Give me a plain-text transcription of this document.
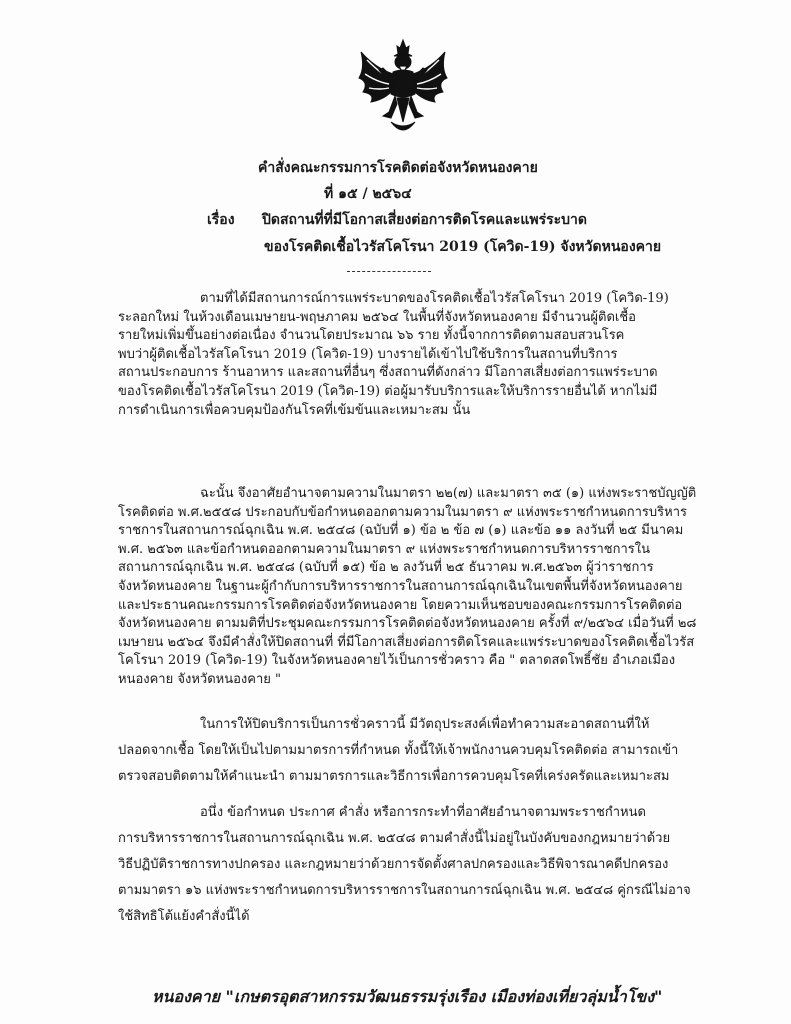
คำสั่งคณะกรรมการโรคติดต่อจังหวัดหนองคาย
ที่ ๑๕ / ๒๕๖๔
เรื่อง ปิดสถานที่ที่มีโอกาสเสี่ยงต่อการติดโรคและแพร่ระบาด
ของโรคติดเชื้อไวรัสโคโรนา 2019 (โควิด-19) จังหวัดหนองคาย
ตามที่ได้มีสถานการณ์การแพร่ระบาดของโรคติดเชื้อไวรัสโคโรนา 2019 (โควิด-19)
ระลอกใหม่ ในห้วงเดือนเมษายน-พฤษภาคม ๒๕๖๔ ในพื้นที่จังหวัดหนองคาย มีจำนวนผู้ติดเชื้อ
รายใหม่เพิ่มขึ้นอย่างต่อเนื่อง จำนวนโดยประมาณ ๖๖ ราย ทั้งนี้จากการติดตามสอบสวนโรค
พบว่าผู้ติดเชื้อไวรัสโคโรนา 2019 (โควิด-19) บางรายได้เข้าไปใช้บริการในสถานที่บริการ
สถานประกอบการ ร้านอาหาร และสถานที่อื่นๆ ซึ่งสถานที่ดังกล่าว มีโอกาสเสี่ยงต่อการแพร่ระบาด
ของโรคติดเชื้อไวรัสโคโรนา 2019 (โควิด-19) ต่อผู้มารับบริการและให้บริการรายอื่นได้ หากไม่มี
การดำเนินการเพื่อควบคุมป้องกันโรคที่เข้มข้นและเหมาะสม นั้น
ฉะนั้น จึงอาศัยอำนาจตามความในมาตรา ๒๒(๗) และมาตรา ๓๕ (๑) แห่งพระราชบัญญัติ
โรคติดต่อ พ.ศ.๒๕๕๘ ประกอบกับข้อกำหนดออกตามความในมาตรา ๙ แห่งพระราชกำหนดการบริหาร
ราชการในสถานการณ์ฉุกเฉิน พ.ศ. ๒๕๔๘ (ฉบับที่ ๑) ข้อ ๒ ข้อ ๗ (๑) และข้อ ๑๑ ลงวันที่ ๒๕ มีนาคม
พ.ศ. ๒๕๖๓ และข้อกำหนดออกตามความในมาตรา ๙ แห่งพระราชกำหนดการบริหารราชการใน
สถานการณ์ฉุกเฉิน พ.ศ. ๒๕๔๘ (ฉบับที่ ๑๕) ข้อ ๒ ลงวันที่ ๒๕ ธันวาคม พ.ศ.๒๕๖๓ ผู้ว่าราชการ
จังหวัดหนองคาย ในฐานะผู้กำกับการบริหารราชการในสถานการณ์ฉุกเฉินในเขตพื้นที่จังหวัดหนองคาย
และประธานคณะกรรมการโรคติดต่อจังหวัดหนองคาย โดยความเห็นชอบของคณะกรรมการโรคติดต่อ
จังหวัดหนองคาย ตามมติที่ประชุมคณะกรรมการโรคติดต่อจังหวัดหนองคาย ครั้งที่ ๙/๒๕๖๔ เมื่อวันที่ ๒๘
เมษายน ๒๕๖๔ จึงมีคำสั่งให้ปิดสถานที่ ที่มีโอกาสเสี่ยงต่อการติดโรคและแพร่ระบาดของโรคติดเชื้อไวรัส
โคโรนา 2019 (โควิด-19) ในจังหวัดหนองคายไว้เป็นการชั่วคราว คือ " ตลาดสดโพธิ์ชัย อำเภอเมือง
หนองคาย จังหวัดหนองคาย "
ในการให้ปิดบริการเป็นการชั่วคราวนี้ มีวัตถุประสงค์เพื่อทำความสะอาดสถานที่ให้
ปลอดจากเชื้อ โดยให้เป็นไปตามมาตรการที่กำหนด ทั้งนี้ให้เจ้าพนักงานควบคุมโรคติดต่อ สามารถเข้า
ตรวจสอบติดตามให้คำแนะนำ ตามมาตรการและวิธีการเพื่อการควบคุมโรคที่เคร่งครัดและเหมาะสม
อนึ่ง ข้อกำหนด ประกาศ คำสั่ง หรือการกระทำที่อาศัยอำนาจตามพระราชกำหนด
การบริหารราชการในสถานการณ์ฉุกเฉิน พ.ศ. ๒๕๔๘ ตามคำสั่งนี้ไม่อยู่ในบังคับของกฎหมายว่าด้วย
วิธีปฏิบัติราชการทางปกครอง และกฎหมายว่าด้วยการจัดตั้งศาลปกครองและวิธีพิจารณาคดีปกครอง
ตามมาตรา ๑๖ แห่งพระราชกำหนดการบริหารราชการในสถานการณ์ฉุกเฉิน พ.ศ. ๒๕๔๘ คู่กรณีไม่อาจ
ใช้สิทธิโต้แย้งคำสั่งนี้ได้
หนองคาย "เกษตรอุตสาหกรรมวัฒนธรรมรุ่งเรือง เมืองท่องเที่ยวลุ่มน้ำโขง"
